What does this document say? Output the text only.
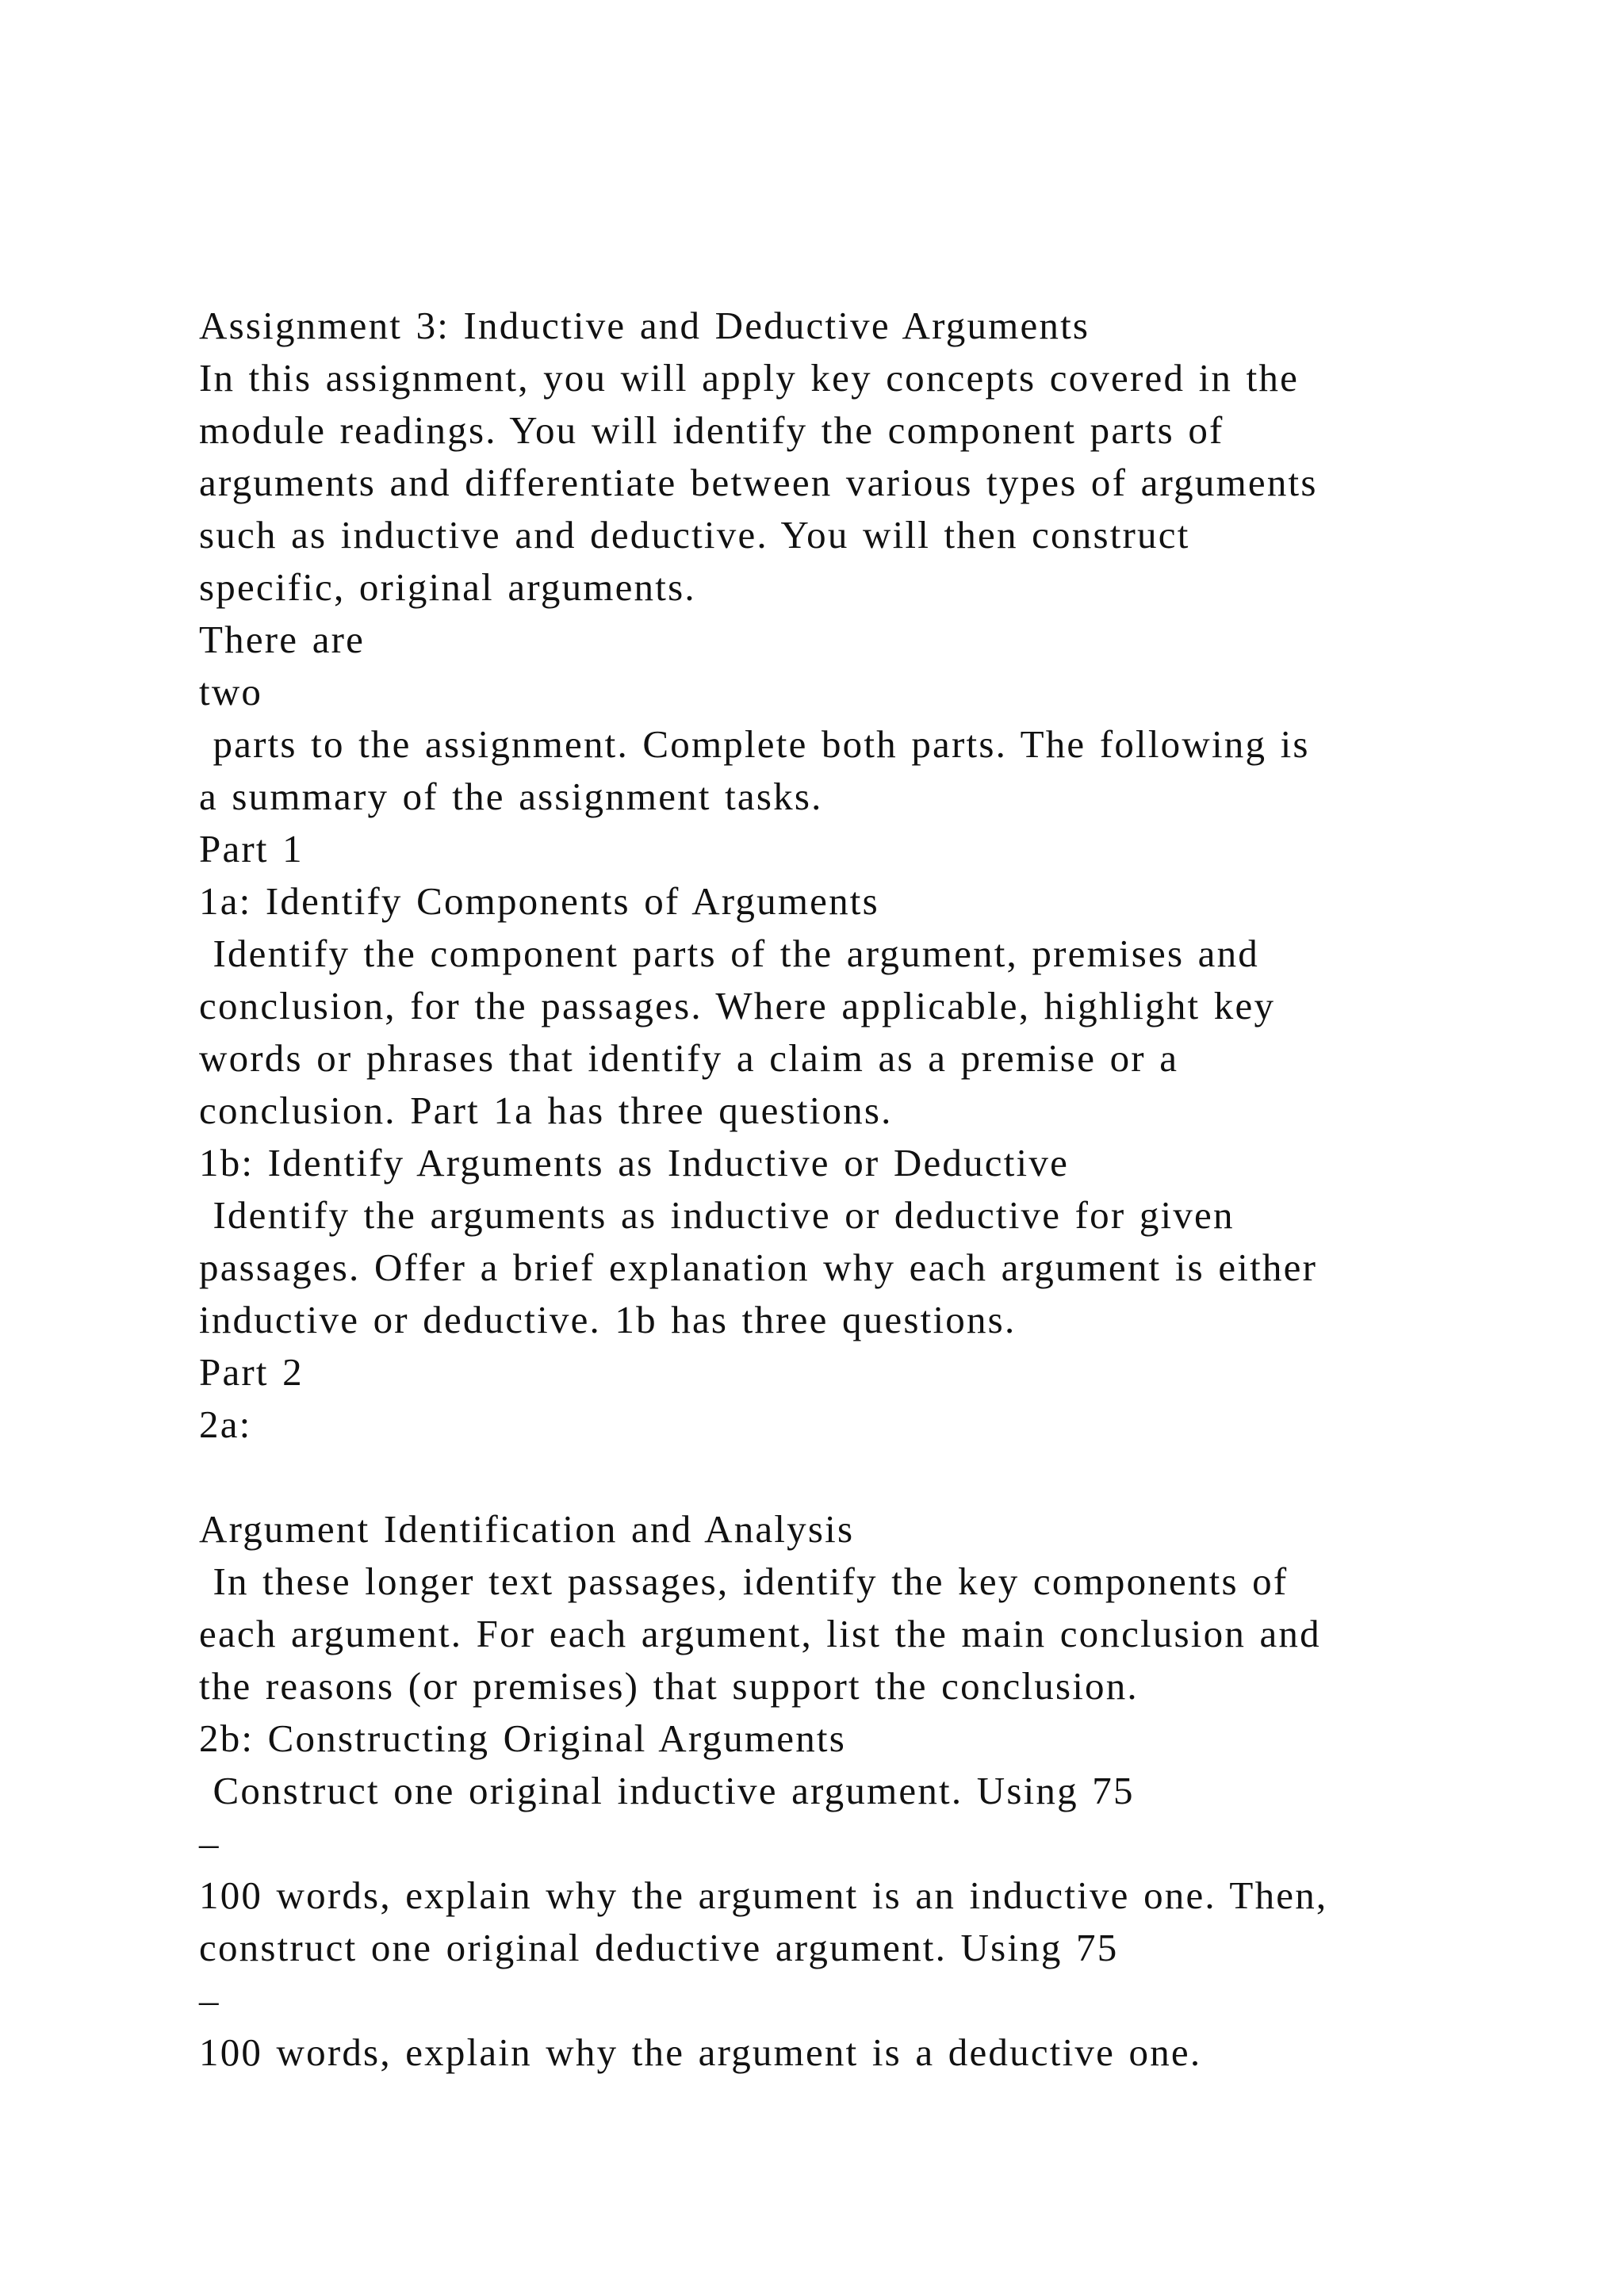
Assignment 3: Inductive and Deductive Arguments
In this assignment, you will apply key concepts covered in the
module readings. You will identify the component parts of
arguments and differentiate between various types of arguments
such as inductive and deductive. You will then construct
specific, original arguments.
There are
two
parts to the assignment. Complete both parts. The following is
a summary of the assignment tasks.
Part 1
1a: Identify Components of Arguments
Identify the component parts of the argument, premises and
conclusion, for the passages. Where applicable, highlight key
words or phrases that identify a claim as a premise or a
conclusion. Part 1a has three questions.
1b: Identify Arguments as Inductive or Deductive
Identify the arguments as inductive or deductive for given
passages. Offer a brief explanation why each argument is either
inductive or deductive. 1b has three questions.
Part 2
2a:
Argument Identification and Analysis
In these longer text passages, identify the key components of
each argument. For each argument, list the main conclusion and
the reasons (or premises) that support the conclusion.
2b: Constructing Original Arguments
Construct one original inductive argument. Using 75
–
100 words, explain why the argument is an inductive one. Then,
construct one original deductive argument. Using 75
–
100 words, explain why the argument is a deductive one.
